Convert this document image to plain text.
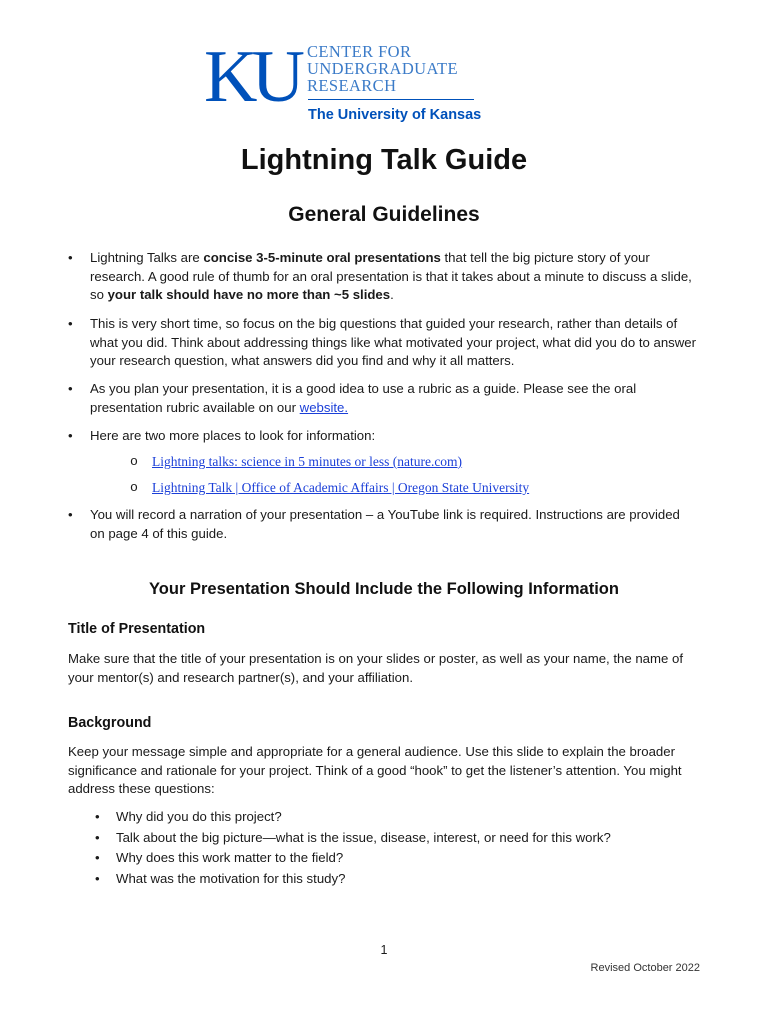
KU CENTER FOR
UNDERGRADUATE
RESEARCH
The University of Kansas
Lightning Talk Guide
General Guidelines
• Lightning Talks are concise 3-5-minute oral presentations that tell the big picture story of your research. A good rule of thumb for an oral presentation is that it takes about a minute to discuss a slide, so your talk should have no more than ~5 slides.
• This is very short time, so focus on the big questions that guided your research, rather than details of what you did. Think about addressing things like what motivated your project, what did you do to answer your research question, what answers did you find and why it all matters.
• As you plan your presentation, it is a good idea to use a rubric as a guide. Please see the oral presentation rubric available on our website.
• Here are two more places to look for information:
o Lightning talks: science in 5 minutes or less (nature.com)
o Lightning Talk | Office of Academic Affairs | Oregon State University
• You will record a narration of your presentation – a YouTube link is required. Instructions are provided on page 4 of this guide.
Your Presentation Should Include the Following Information
Title of Presentation

Make sure that the title of your presentation is on your slides or poster, as well as your name, the name of your mentor(s) and research partner(s), and your affiliation.

Background

Keep your message simple and appropriate for a general audience. Use this slide to explain the broader significance and rationale for your project. Think of a good “hook” to get the listener’s attention. You might address these questions:

• Why did you do this project?
• Talk about the big picture—what is the issue, disease, interest, or need for this work?
• Why does this work matter to the field?
• What was the motivation for this study?
1
Revised October 2022
